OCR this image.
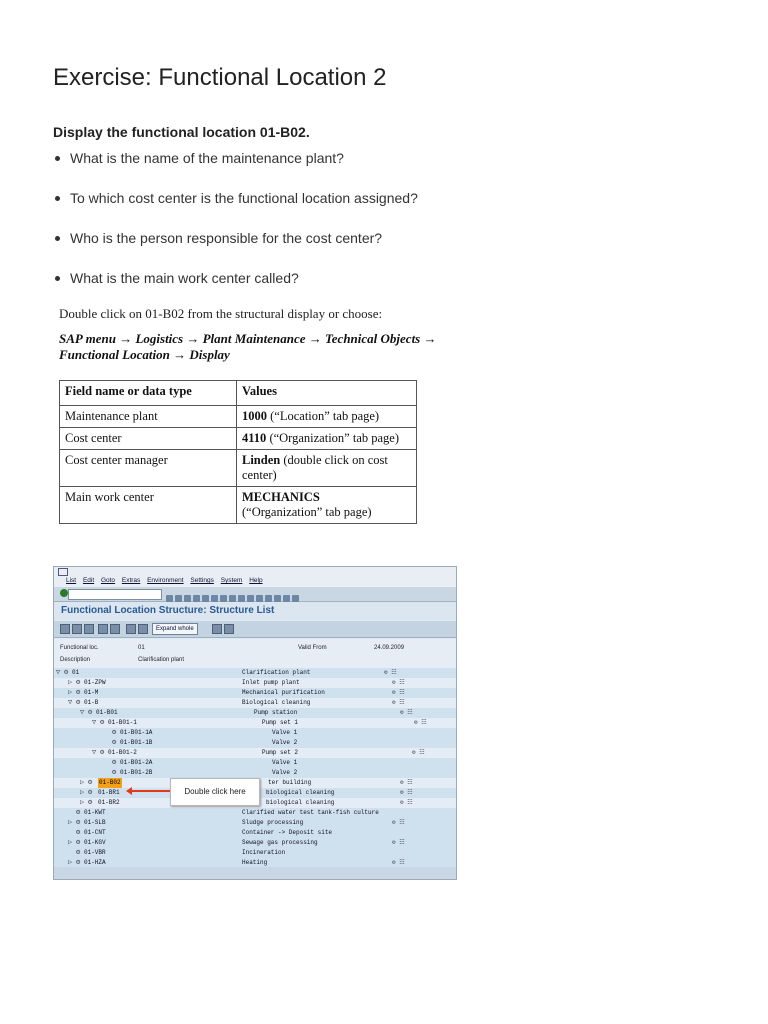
Exercise: Functional Location 2
Display the functional location 01-B02.
What is the name of the maintenance plant?
To which cost center is the functional location assigned?
Who is the person responsible for the cost center?
What is the main work center called?
Double click on 01-B02 from the structural display or choose:
SAP menu → Logistics → Plant Maintenance → Technical Objects → Functional Location → Display
Field name or data type	Values
Maintenance plant	1000 (“Location” tab page)
Cost center	4110 (“Organization” tab page)
Cost center manager	Linden (double click on cost center)
Main work center	MECHANICS
(“Organization” tab page)
List Edit Goto Extras Environment Settings System Help
Functional Location Structure: Structure List
Expand whole
Functional loc.	01	Valid From	24.09.2009
Description	Clarification plant
▽ ⚙ 01	Clarification plant	⚙ ☷
▷ ⚙ 01-ZPW	Inlet pump plant	⚙ ☷
▷ ⚙ 01-M	Mechanical purification	⚙ ☷
▽ ⚙ 01-B	Biological cleaning	⚙ ☷
▽ ⚙ 01-B01	Pump station	⚙ ☷
▽ ⚙ 01-B01-1	Pump set 1	⚙ ☷
⚙ 01-B01-1A	Valve 1
⚙ 01-B01-1B	Valve 2
▽ ⚙ 01-B01-2	Pump set 2	⚙ ☷
⚙ 01-B01-2A	Valve 1
⚙ 01-B01-2B	Valve 2
▷ ⚙ 01-B02	ter building	⚙ ☷
▷ ⚙ 01-BR1	biological cleaning	⚙ ☷
▷ ⚙ 01-BR2	biological cleaning	⚙ ☷
⚙ 01-KWT	Clarified water test tank-fish culture
▷ ⚙ 01-SLB	Sludge processing	⚙ ☷
⚙ 01-CNT	Container -> Deposit site
▷ ⚙ 01-KGV	Sewage gas processing	⚙ ☷
⚙ 01-VBR	Incineration
▷ ⚙ 01-HZA	Heating	⚙ ☷
Double click here
